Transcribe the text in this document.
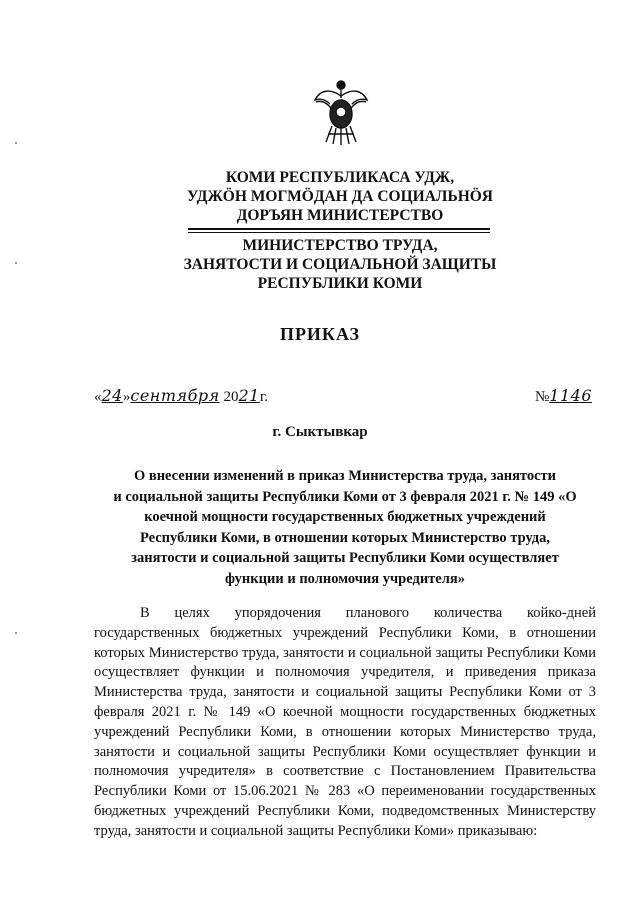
КОМИ РЕСПУБЛИКАСА УДЖ,
УДЖÖН МОГМÖДАН ДА СОЦИАЛЬНÖЯ
ДОРЪЯН МИНИСТЕРСТВО
МИНИСТЕРСТВО ТРУДА,
ЗАНЯТОСТИ И СОЦИАЛЬНОЙ ЗАЩИТЫ
РЕСПУБЛИКИ КОМИ
ПРИКАЗ
«24»сентября 2021г.	№1146
г. Сыктывкар
О внесении изменений в приказ Министерства труда, занятости
и социальной защиты Республики Коми от 3 февраля 2021 г. № 149 «О
коечной мощности государственных бюджетных учреждений
Республики Коми, в отношении которых Министерство труда,
занятости и социальной защиты Республики Коми осуществляет
функции и полномочия учредителя»
В целях упорядочения планового количества койко-дней государственных бюджетных учреждений Республики Коми, в отношении которых Министерство труда, занятости и социальной защиты Республики Коми осуществляет функции и полномочия учредителя, и приведения приказа Министерства труда, занятости и социальной защиты Республики Коми от 3 февраля 2021 г. № 149 «О коечной мощности государственных бюджетных учреждений Республики Коми, в отношении которых Министерство труда, занятости и социальной защиты Республики Коми осуществляет функции и полномочия учредителя» в соответствие с Постановлением Правительства Республики Коми от 15.06.2021 № 283 «О переименовании государственных бюджетных учреждений Республики Коми, подведомственных Министерству труда, занятости и социальной защиты Республики Коми» приказываю:
